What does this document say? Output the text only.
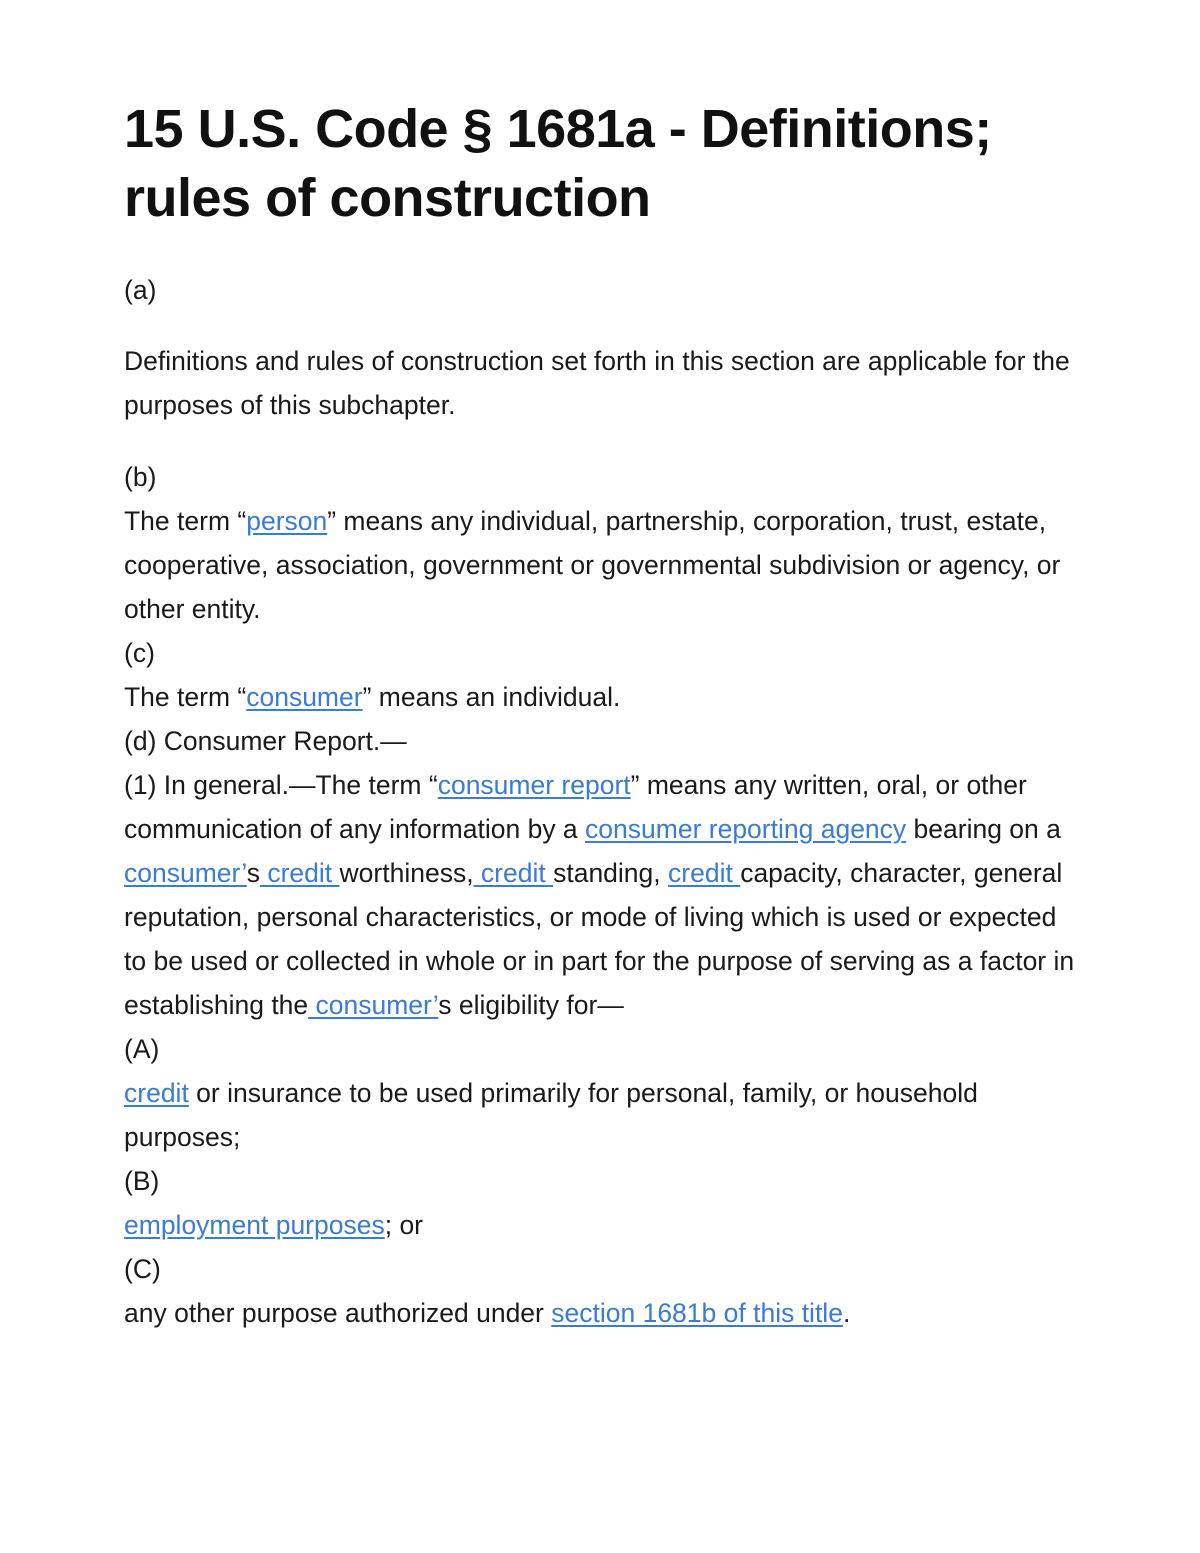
15 U.S. Code § 1681a - Definitions; rules of construction
(a)
Definitions and rules of construction set forth in this section are applicable for the purposes of this subchapter.
(b)
The term “person” means any individual, partnership, corporation, trust, estate, cooperative, association, government or governmental subdivision or agency, or other entity.
(c)
The term “consumer” means an individual.
(d) Consumer Report.—
(1) In general.—The term “consumer report” means any written, oral, or other communication of any information by a consumer reporting agency bearing on a consumer’s credit worthiness, credit standing, credit capacity, character, general reputation, personal characteristics, or mode of living which is used or expected to be used or collected in whole or in part for the purpose of serving as a factor in establishing the consumer’s eligibility for—
(A)
credit or insurance to be used primarily for personal, family, or household purposes;
(B)
employment purposes; or
(C)
any other purpose authorized under section 1681b of this title.
